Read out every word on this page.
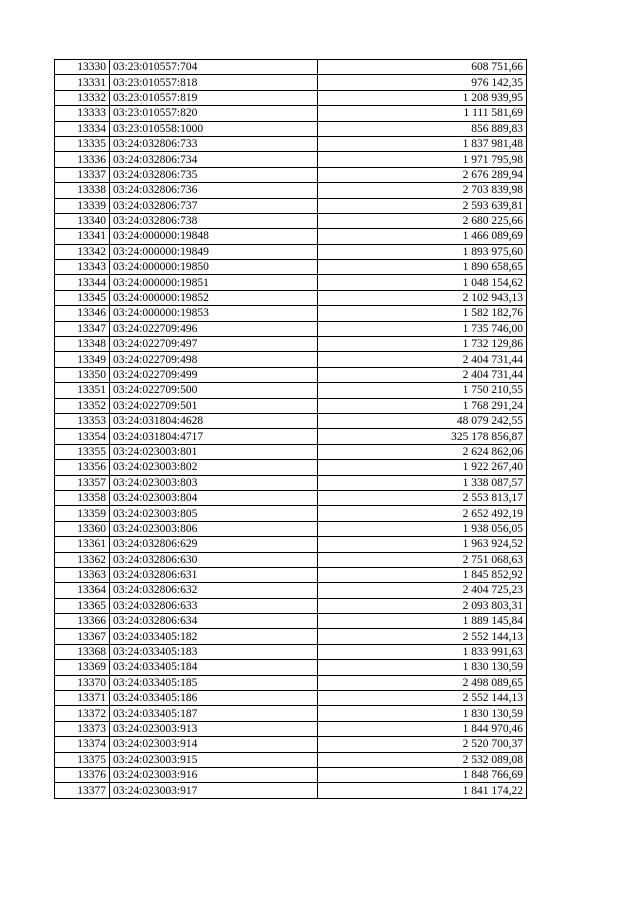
13330	03:23:010557:704	608 751,66
13331	03:23:010557:818	976 142,35
13332	03:23:010557:819	1 208 939,95
13333	03:23:010557:820	1 111 581,69
13334	03:23:010558:1000	856 889,83
13335	03:24:032806:733	1 837 981,48
13336	03:24:032806:734	1 971 795,98
13337	03:24:032806:735	2 676 289,94
13338	03:24:032806:736	2 703 839,98
13339	03:24:032806:737	2 593 639,81
13340	03:24:032806:738	2 680 225,66
13341	03:24:000000:19848	1 466 089,69
13342	03:24:000000:19849	1 893 975,60
13343	03:24:000000:19850	1 890 658,65
13344	03:24:000000:19851	1 048 154,62
13345	03:24:000000:19852	2 102 943,13
13346	03:24:000000:19853	1 582 182,76
13347	03:24:022709:496	1 735 746,00
13348	03:24:022709:497	1 732 129,86
13349	03:24:022709:498	2 404 731,44
13350	03:24:022709:499	2 404 731,44
13351	03:24:022709:500	1 750 210,55
13352	03:24:022709:501	1 768 291,24
13353	03:24:031804:4628	48 079 242,55
13354	03:24:031804:4717	325 178 856,87
13355	03:24:023003:801	2 624 862,06
13356	03:24:023003:802	1 922 267,40
13357	03:24:023003:803	1 338 087,57
13358	03:24:023003:804	2 553 813,17
13359	03:24:023003:805	2 652 492,19
13360	03:24:023003:806	1 938 056,05
13361	03:24:032806:629	1 963 924,52
13362	03:24:032806:630	2 751 068,63
13363	03:24:032806:631	1 845 852,92
13364	03:24:032806:632	2 404 725,23
13365	03:24:032806:633	2 093 803,31
13366	03:24:032806:634	1 889 145,84
13367	03:24:033405:182	2 552 144,13
13368	03:24:033405:183	1 833 991,63
13369	03:24:033405:184	1 830 130,59
13370	03:24:033405:185	2 498 089,65
13371	03:24:033405:186	2 552 144,13
13372	03:24:033405:187	1 830 130,59
13373	03:24:023003:913	1 844 970,46
13374	03:24:023003:914	2 520 700,37
13375	03:24:023003:915	2 532 089,08
13376	03:24:023003:916	1 848 766,69
13377	03:24:023003:917	1 841 174,22
